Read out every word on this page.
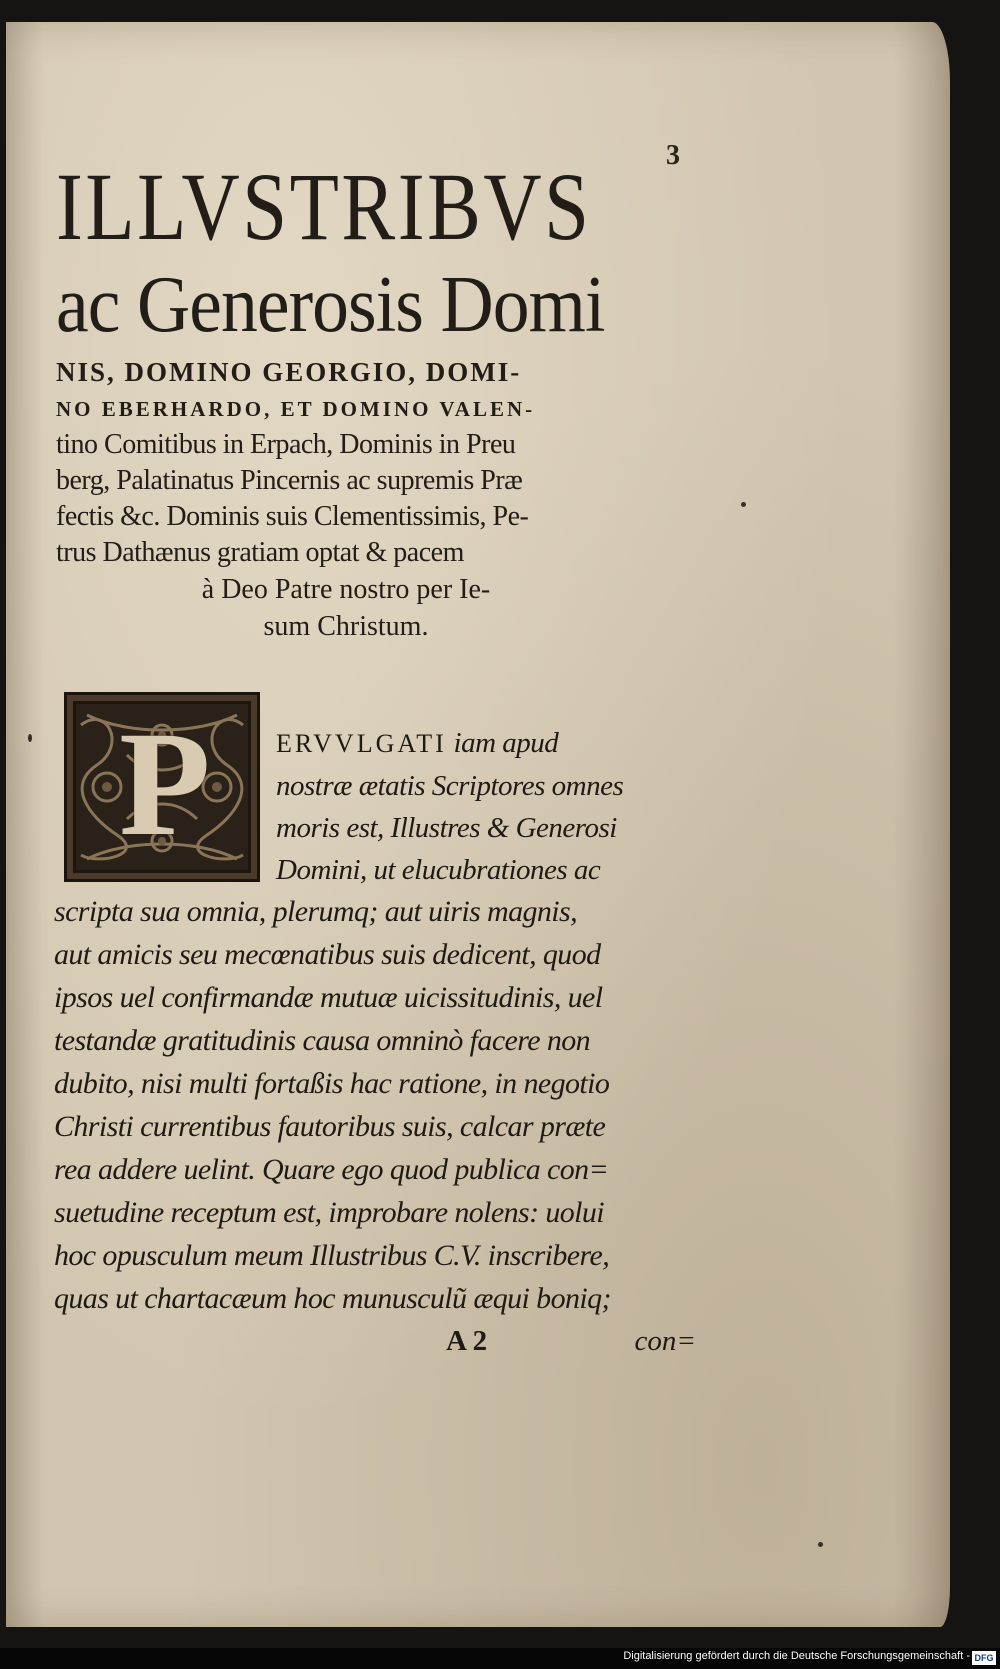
3
ILLVSTRIBVS
ac Generosis Domi
NIS, DOMINO GEORGIO, DOMI-
NO EBERHARDO, ET DOMINO VALEN-
tino Comitibus in Erpach, Dominis in Preu
berg, Palatinatus Pincernis ac supremis Præ
fectis &c. Dominis suis Clementissimis, Pe-
trus Dathænus gratiam optat & pacem
à Deo Patre nostro per Ie-
sum Christum.
P	ERVVLGATI iam apud
nostræ ætatis Scriptores omnes
moris est, Illustres & Generosi
Domini, ut elucubrationes ac
scripta sua omnia, plerumq; aut uiris magnis,
aut amicis seu mecœnatibus suis dedicent, quod
ipsos uel confirmandæ mutuæ uicissitudinis, uel
testandæ gratitudinis causa omninò facere non
dubito, nisi multi fortaßis hac ratione, in negotio
Christi currentibus fautoribus suis, calcar præte
rea addere uelint. Quare ego quod publica con=
suetudine receptum est, improbare nolens: uolui
hoc opusculum meum Illustribus C.V. inscribere,
quas ut chartacæum hoc munusculũ æqui boniq;
A 2	con=
Digitalisierung gefördert durch die Deutsche Forschungsgemeinschaft - DFG
